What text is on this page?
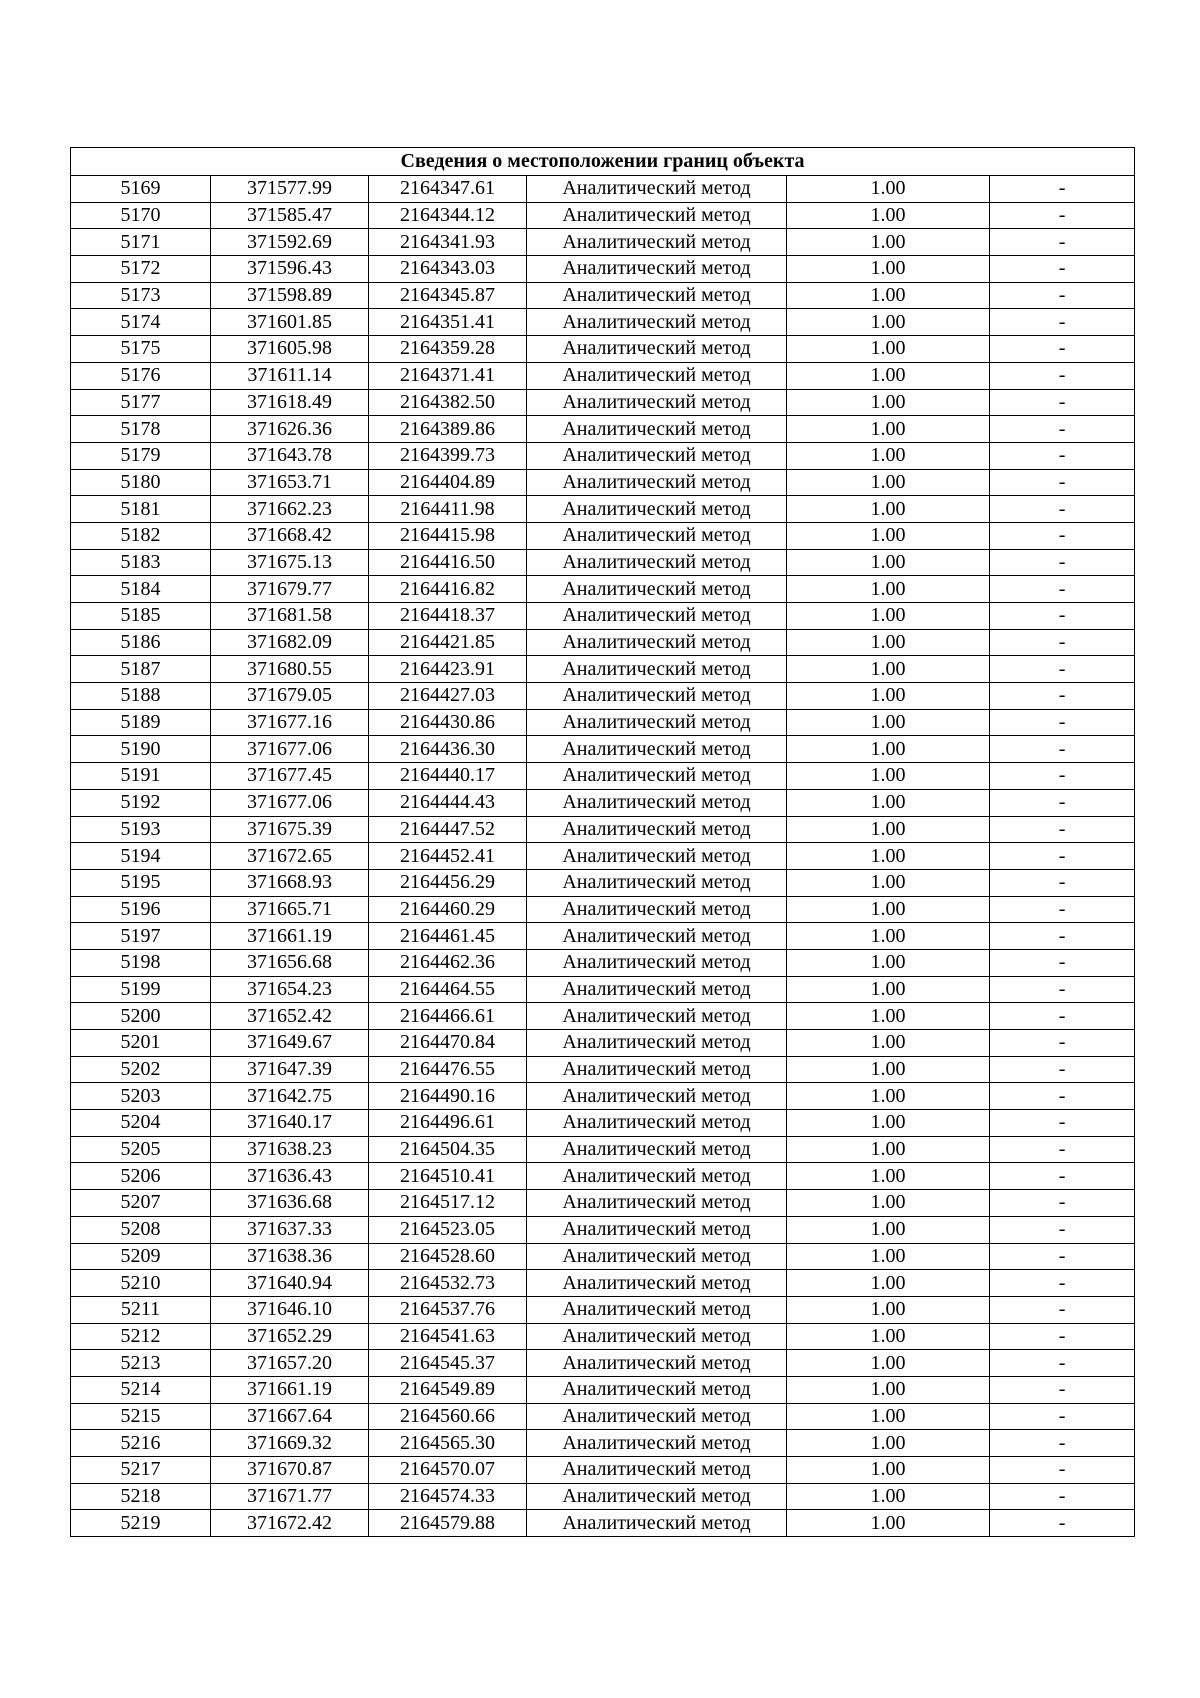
Сведения о местоположении границ объекта					
5169	371577.99	2164347.61	Аналитический метод	1.00	-
5170	371585.47	2164344.12	Аналитический метод	1.00	-
5171	371592.69	2164341.93	Аналитический метод	1.00	-
5172	371596.43	2164343.03	Аналитический метод	1.00	-
5173	371598.89	2164345.87	Аналитический метод	1.00	-
5174	371601.85	2164351.41	Аналитический метод	1.00	-
5175	371605.98	2164359.28	Аналитический метод	1.00	-
5176	371611.14	2164371.41	Аналитический метод	1.00	-
5177	371618.49	2164382.50	Аналитический метод	1.00	-
5178	371626.36	2164389.86	Аналитический метод	1.00	-
5179	371643.78	2164399.73	Аналитический метод	1.00	-
5180	371653.71	2164404.89	Аналитический метод	1.00	-
5181	371662.23	2164411.98	Аналитический метод	1.00	-
5182	371668.42	2164415.98	Аналитический метод	1.00	-
5183	371675.13	2164416.50	Аналитический метод	1.00	-
5184	371679.77	2164416.82	Аналитический метод	1.00	-
5185	371681.58	2164418.37	Аналитический метод	1.00	-
5186	371682.09	2164421.85	Аналитический метод	1.00	-
5187	371680.55	2164423.91	Аналитический метод	1.00	-
5188	371679.05	2164427.03	Аналитический метод	1.00	-
5189	371677.16	2164430.86	Аналитический метод	1.00	-
5190	371677.06	2164436.30	Аналитический метод	1.00	-
5191	371677.45	2164440.17	Аналитический метод	1.00	-
5192	371677.06	2164444.43	Аналитический метод	1.00	-
5193	371675.39	2164447.52	Аналитический метод	1.00	-
5194	371672.65	2164452.41	Аналитический метод	1.00	-
5195	371668.93	2164456.29	Аналитический метод	1.00	-
5196	371665.71	2164460.29	Аналитический метод	1.00	-
5197	371661.19	2164461.45	Аналитический метод	1.00	-
5198	371656.68	2164462.36	Аналитический метод	1.00	-
5199	371654.23	2164464.55	Аналитический метод	1.00	-
5200	371652.42	2164466.61	Аналитический метод	1.00	-
5201	371649.67	2164470.84	Аналитический метод	1.00	-
5202	371647.39	2164476.55	Аналитический метод	1.00	-
5203	371642.75	2164490.16	Аналитический метод	1.00	-
5204	371640.17	2164496.61	Аналитический метод	1.00	-
5205	371638.23	2164504.35	Аналитический метод	1.00	-
5206	371636.43	2164510.41	Аналитический метод	1.00	-
5207	371636.68	2164517.12	Аналитический метод	1.00	-
5208	371637.33	2164523.05	Аналитический метод	1.00	-
5209	371638.36	2164528.60	Аналитический метод	1.00	-
5210	371640.94	2164532.73	Аналитический метод	1.00	-
5211	371646.10	2164537.76	Аналитический метод	1.00	-
5212	371652.29	2164541.63	Аналитический метод	1.00	-
5213	371657.20	2164545.37	Аналитический метод	1.00	-
5214	371661.19	2164549.89	Аналитический метод	1.00	-
5215	371667.64	2164560.66	Аналитический метод	1.00	-
5216	371669.32	2164565.30	Аналитический метод	1.00	-
5217	371670.87	2164570.07	Аналитический метод	1.00	-
5218	371671.77	2164574.33	Аналитический метод	1.00	-
5219	371672.42	2164579.88	Аналитический метод	1.00	-
